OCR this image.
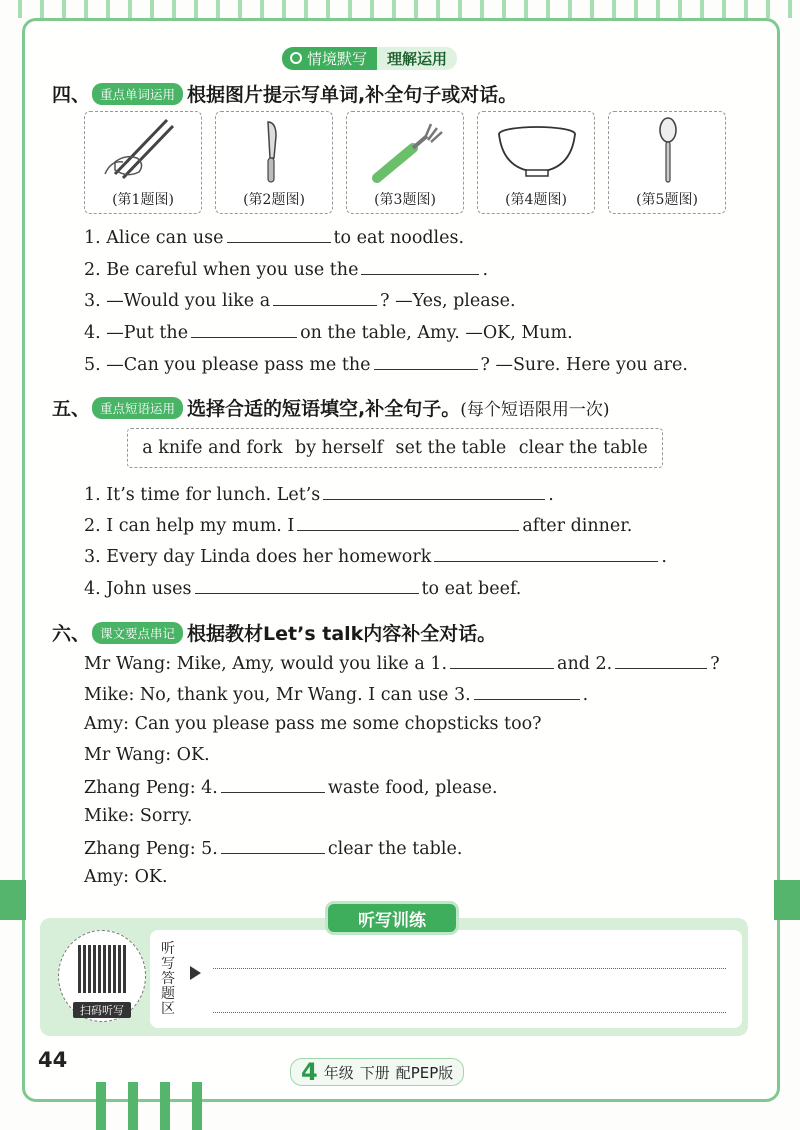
情境默写	理解运用
四、 重点单词运用 根据图片提示写单词,补全句子或对话。
(第1题图)	(第2题图)	(第3题图)	(第4题图)	(第5题图)
1. Alice can use	to eat noodles.
2. Be careful when you use the	.
3. —Would you like a	? —Yes, please.
4. —Put the	on the table, Amy. —OK, Mum.
5. —Can you please pass me the	? —Sure. Here you are.
五、 重点短语运用 选择合适的短语填空,补全句子。 (每个短语限用一次)
a knife and fork by herself set the table clear the table
1. It’s time for lunch. Let’s	.
2. I can help my mum. I	after dinner.
3. Every day Linda does her homework	.
4. John uses	to eat beef.
六、 课文要点串记 根据教材Let’s talk内容补全对话。
Mr Wang: Mike, Amy, would you like a 1.	and 2.	?
Mike: No, thank you, Mr Wang. I can use 3.	.
Amy: Can you please pass me some chopsticks too?
Mr Wang: OK.
Zhang Peng: 4.	waste food, please.
Mike: Sorry.
Zhang Peng: 5.	clear the table.
Amy: OK.
听写训练
扫码听写
听写答题区
44	4 年级 下册 配PEP版
